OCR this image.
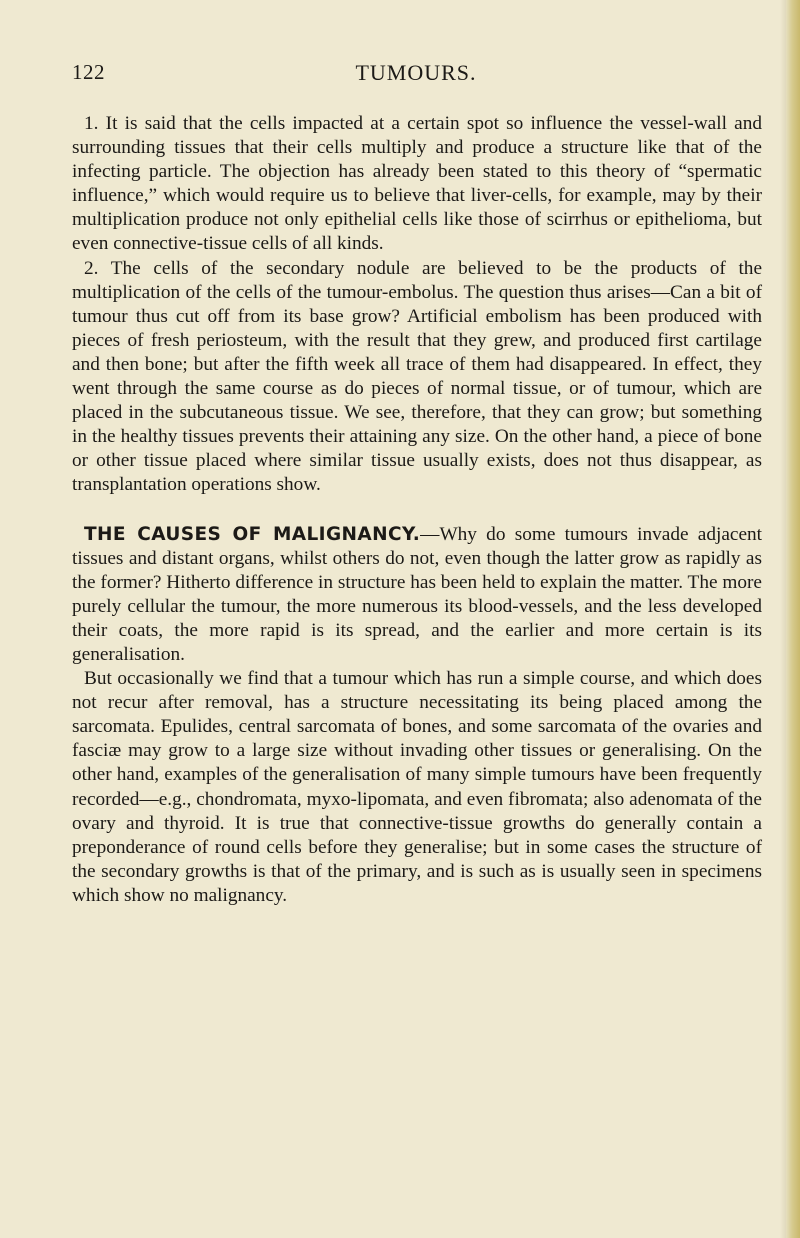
122	TUMOURS.

1. It is said that the cells impacted at a certain spot so influence the vessel-wall and surrounding tissues that their cells multiply and produce a structure like that of the infecting particle. The objection has already been stated to this theory of “spermatic influence,” which would require us to believe that liver-cells, for example, may by their multiplication produce not only epithelial cells like those of scirrhus or epithelioma, but even connective-tissue cells of all kinds.

2. The cells of the secondary nodule are believed to be the products of the multiplication of the cells of the tumour-embolus. The question thus arises—Can a bit of tumour thus cut off from its base grow? Artificial embolism has been produced with pieces of fresh periosteum, with the result that they grew, and produced first cartilage and then bone; but after the fifth week all trace of them had disappeared. In effect, they went through the same course as do pieces of normal tissue, or of tumour, which are placed in the subcutaneous tissue. We see, therefore, that they can grow; but something in the healthy tissues prevents their attaining any size. On the other hand, a piece of bone or other tissue placed where similar tissue usually exists, does not thus disappear, as transplantation operations show.

THE CAUSES OF MALIGNANCY.—Why do some tumours invade adjacent tissues and distant organs, whilst others do not, even though the latter grow as rapidly as the former? Hitherto difference in structure has been held to explain the matter. The more purely cellular the tumour, the more numerous its blood-vessels, and the less developed their coats, the more rapid is its spread, and the earlier and more certain is its generalisation.

But occasionally we find that a tumour which has run a simple course, and which does not recur after removal, has a structure necessitating its being placed among the sarcomata. Epulides, central sarcomata of bones, and some sarcomata of the ovaries and fasciæ may grow to a large size without invading other tissues or generalising. On the other hand, examples of the generalisation of many simple tumours have been frequently recorded—e.g., chondromata, myxo-lipomata, and even fibromata; also adenomata of the ovary and thyroid. It is true that connective-tissue growths do generally contain a preponderance of round cells before they generalise; but in some cases the structure of the secondary growths is that of the primary, and is such as is usually seen in specimens which show no malignancy.
